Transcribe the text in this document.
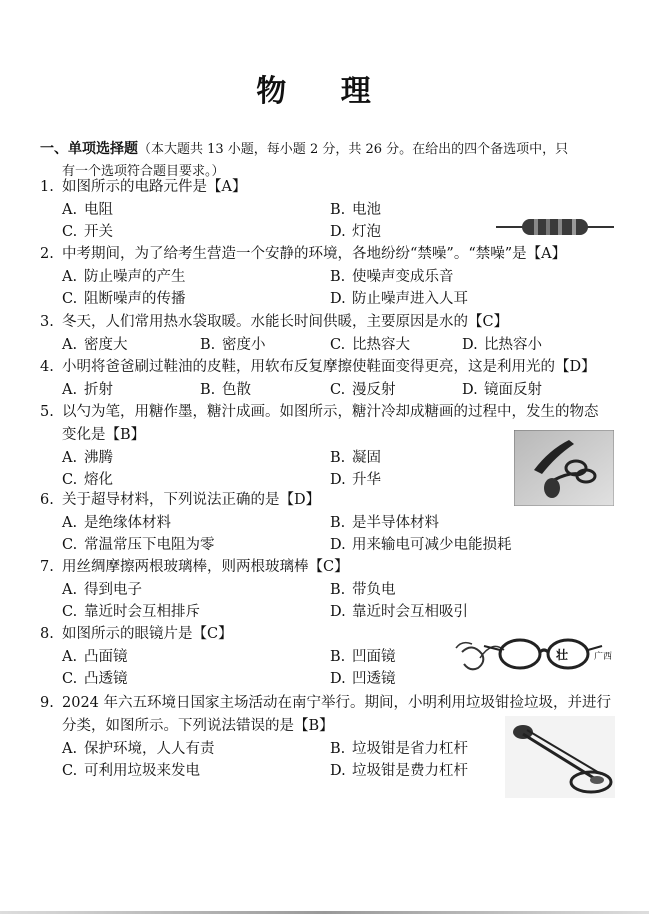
物 理
一、单项选择题（本大题共 13 小题，每小题 2 分，共 26 分。在给出的四个备选项中，只
有一个选项符合题目要求。）
1. 如图所示的电路元件是【A】
A. 电阻	B. 电池
C. 开关	D. 灯泡
2. 中考期间，为了给考生营造一个安静的环境，各地纷纷“禁噪”。“禁噪”是【A】
A. 防止噪声的产生	B. 使噪声变成乐音
C. 阻断噪声的传播	D. 防止噪声进入人耳
3. 冬天，人们常用热水袋取暖。水能长时间供暖，主要原因是水的【C】
A. 密度大	B. 密度小	C. 比热容大	D. 比热容小
4. 小明将爸爸刷过鞋油的皮鞋，用软布反复摩擦使鞋面变得更亮，这是利用光的【D】
A. 折射	B. 色散	C. 漫反射	D. 镜面反射
5. 以勺为笔，用糖作墨，糖汁成画。如图所示，糖汁冷却成糖画的过程中，发生的物态
变化是【B】
A. 沸腾	B. 凝固
C. 熔化	D. 升华
6. 关于超导材料，下列说法正确的是【D】
A. 是绝缘体材料	B. 是半导体材料
C. 常温常压下电阻为零	D. 用来输电可减少电能损耗
7. 用丝绸摩擦两根玻璃棒，则两根玻璃棒【C】
A. 得到电子	B. 带负电
C. 靠近时会互相排斥	D. 靠近时会互相吸引
8. 如图所示的眼镜片是【C】
A. 凸面镜	B. 凹面镜
C. 凸透镜	D. 凹透镜
9. 2024 年六五环境日国家主场活动在南宁举行。期间，小明利用垃圾钳捡垃圾，并进行
分类，如图所示。下列说法错误的是【B】
A. 保护环境，人人有责	B. 垃圾钳是省力杠杆
C. 可利用垃圾来发电	D. 垃圾钳是费力杠杆
壮	广西
